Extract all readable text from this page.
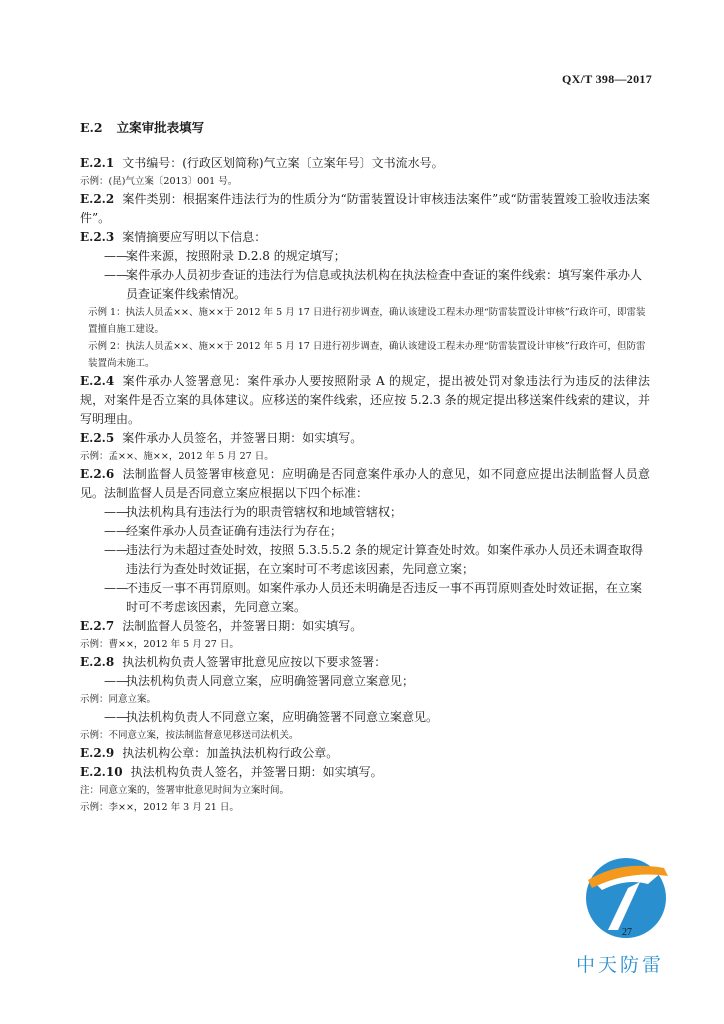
QX/T 398—2017
E.2 立案审批表填写

E.2.1 文书编号：(行政区划简称)气立案〔立案年号〕文书流水号。

示例：(昆)气立案〔2013〕001 号。

E.2.2 案件类别：根据案件违法行为的性质分为“防雷装置设计审核违法案件”或“防雷装置竣工验收违法案件”。

E.2.3 案情摘要应写明以下信息：

——案件来源，按照附录 D.2.8 的规定填写；

——案件承办人员初步查证的违法行为信息或执法机构在执法检查中查证的案件线索：填写案件承办人员查证案件线索情况。

示例 1：执法人员孟××、施××于 2012 年 5 月 17 日进行初步调查，确认该建设工程未办理“防雷装置设计审核”行政许可，即雷装置擅自施工建设。

示例 2：执法人员孟××、施××于 2012 年 5 月 17 日进行初步调查，确认该建设工程未办理“防雷装置设计审核”行政许可，但防雷装置尚未施工。

E.2.4 案件承办人签署意见：案件承办人要按照附录 A 的规定，提出被处罚对象违法行为违反的法律法规，对案件是否立案的具体建议。应移送的案件线索，还应按 5.2.3 条的规定提出移送案件线索的建议，并写明理由。

E.2.5 案件承办人员签名，并签署日期：如实填写。

示例：孟××、施××，2012 年 5 月 27 日。

E.2.6 法制监督人员签署审核意见：应明确是否同意案件承办人的意见，如不同意应提出法制监督人员意见。法制监督人员是否同意立案应根据以下四个标准：

——执法机构具有违法行为的职责管辖权和地域管辖权；

——经案件承办人员查证确有违法行为存在；

——违法行为未超过查处时效，按照 5.3.5.5.2 条的规定计算查处时效。如案件承办人员还未调查取得违法行为查处时效证据，在立案时可不考虑该因素，先同意立案；

——不违反一事不再罚原则。如案件承办人员还未明确是否违反一事不再罚原则查处时效证据，在立案时可不考虑该因素，先同意立案。

E.2.7 法制监督人员签名，并签署日期：如实填写。

示例：曹××，2012 年 5 月 27 日。

E.2.8 执法机构负责人签署审批意见应按以下要求签署：

——执法机构负责人同意立案，应明确签署同意立案意见；

示例：同意立案。

——执法机构负责人不同意立案，应明确签署不同意立案意见。

示例：不同意立案，按法制监督意见移送司法机关。

E.2.9 执法机构公章：加盖执法机构行政公章。

E.2.10 执法机构负责人签名，并签署日期：如实填写。

注：同意立案的，签署审批意见时间为立案时间。

示例：李××，2012 年 3 月 21 日。

27
中天防雷
